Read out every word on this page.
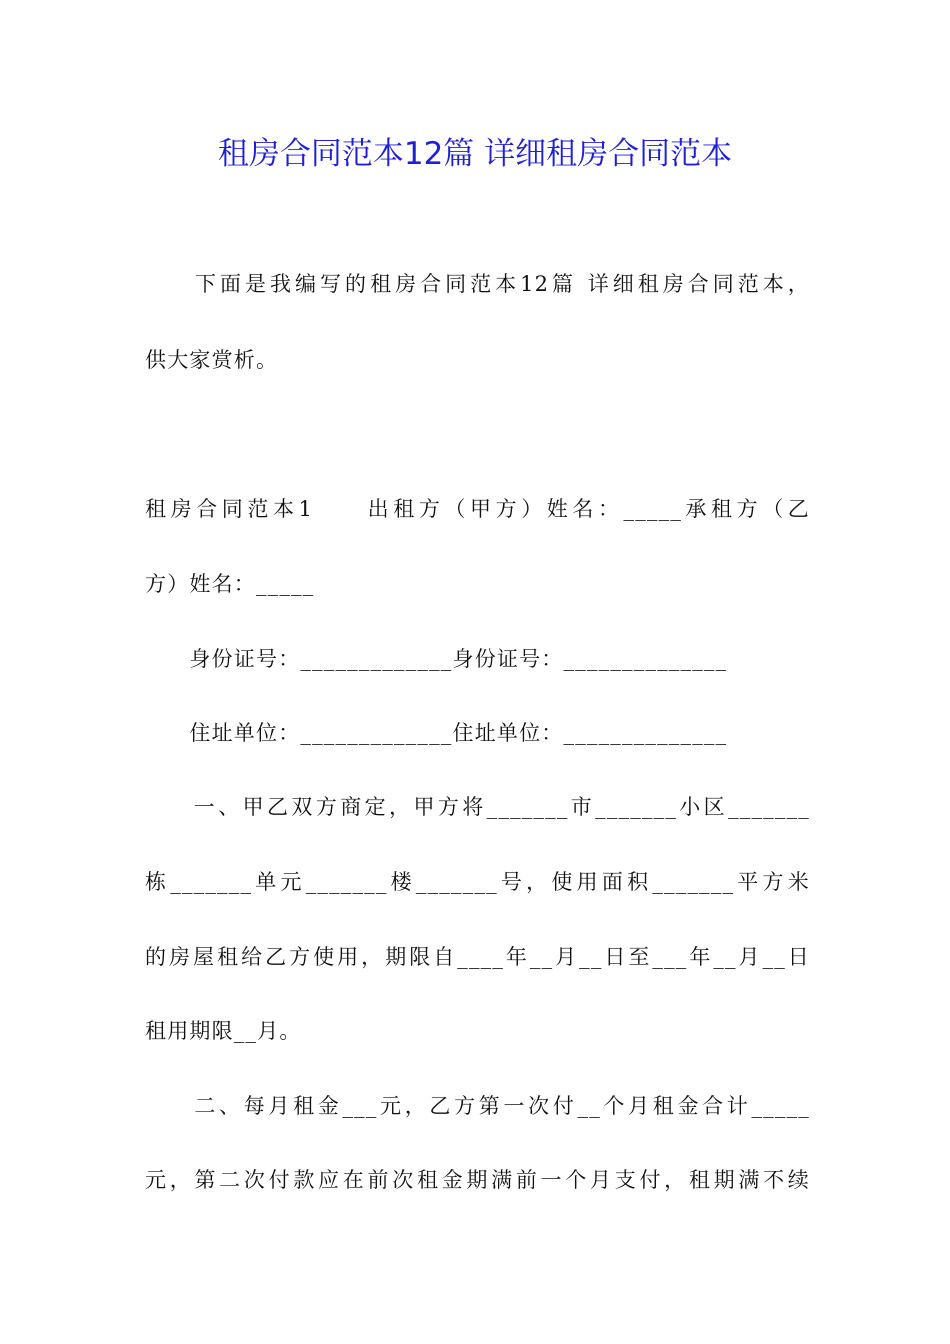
租房合同范本12篇 详细租房合同范本
　　下面是我编写的租房合同范本12篇 详细租房合同范本，
供大家赏析。
租房合同范本1　　出租方（甲方）姓名：_____承租方（乙
方）姓名：_____
　　身份证号：_____________身份证号：______________
　　住址单位：_____________住址单位：______________
　　一、甲乙双方商定，甲方将_______市_______小区_______
栋_______单元_______楼_______号，使用面积_______平方米
的房屋租给乙方使用，期限自____年__月__日至___年__月__日
租用期限__月。
　　二、每月租金___元，乙方第一次付__个月租金合计_____
元，第二次付款应在前次租金期满前一个月支付，租期满不续
